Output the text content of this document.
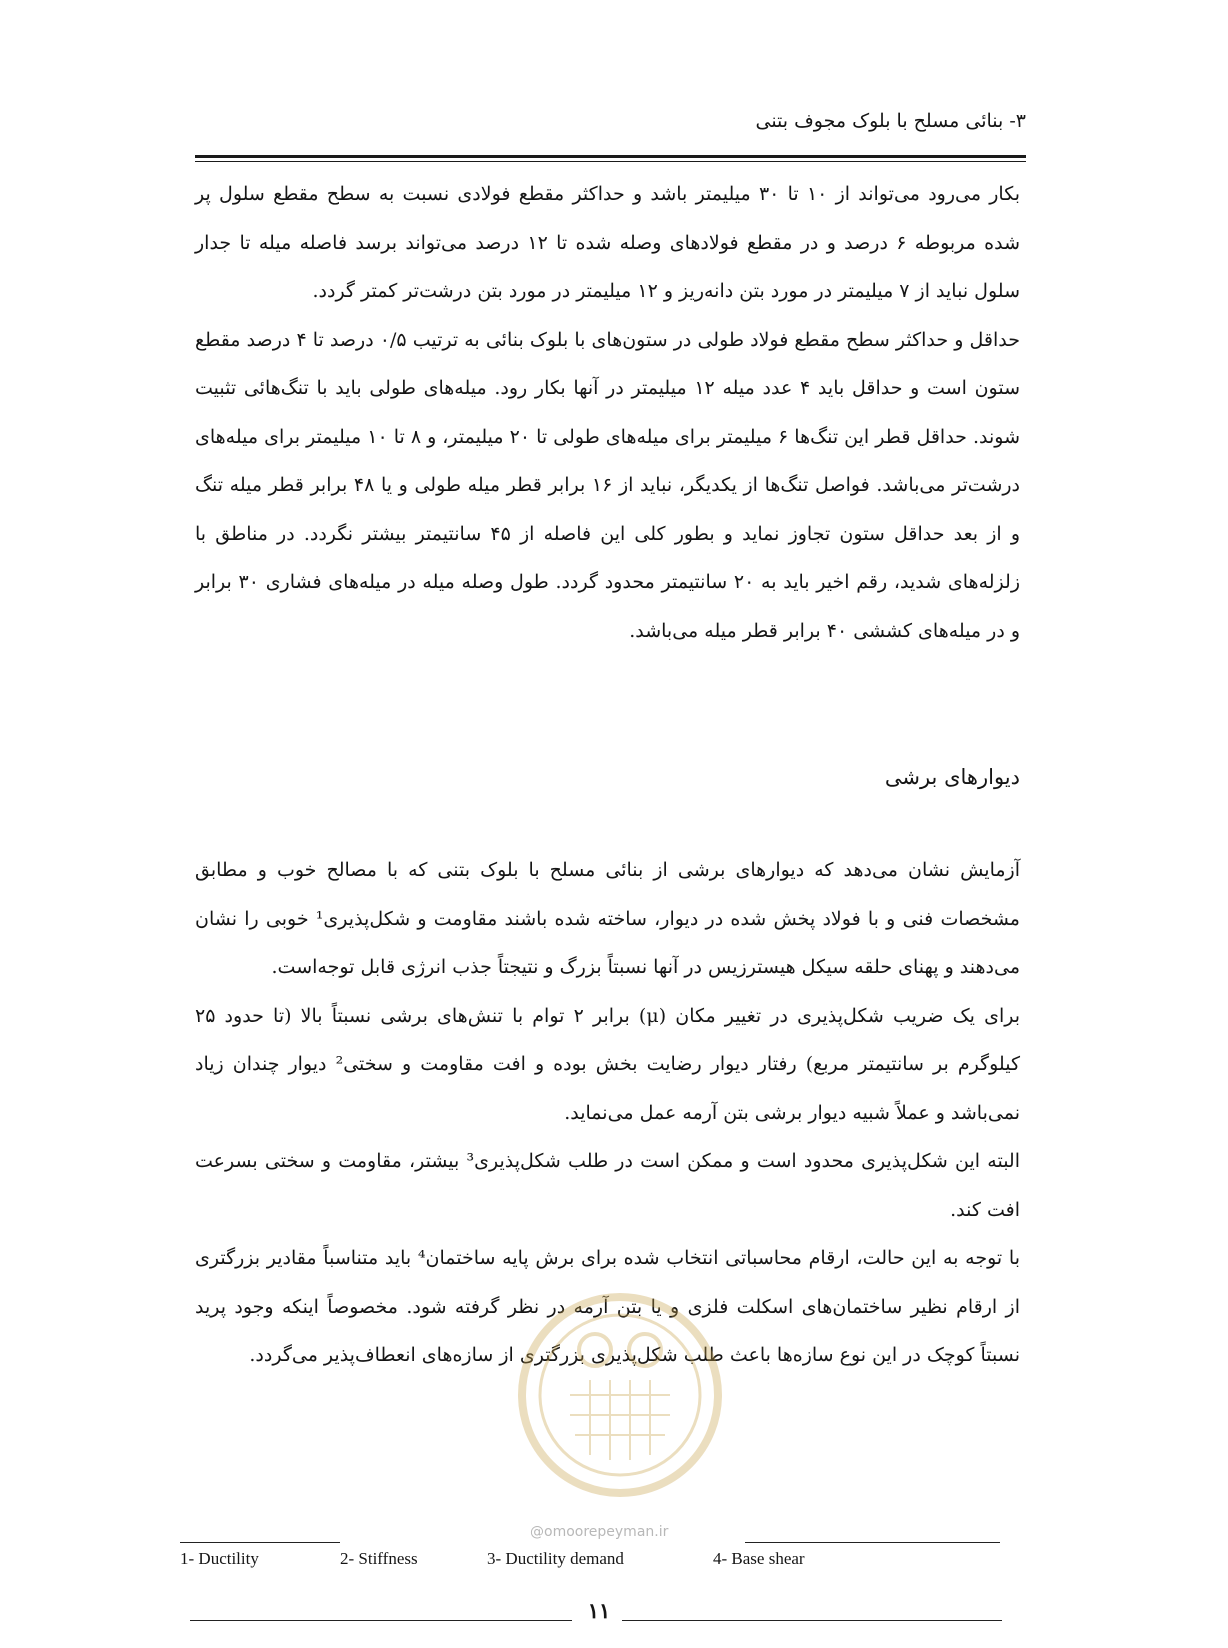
۳- بنائی مسلح با بلوک مجوف بتنی

بکار می‌رود می‌تواند از ۱۰ تا ۳۰ میلیمتر باشد و حداکثر مقطع فولادی نسبت به سطح مقطع سلول پر شده مربوطه ۶ درصد و در مقطع فولادهای وصله شده تا ۱۲ درصد می‌تواند برسد فاصله میله تا جدار سلول نباید از ۷ میلیمتر در مورد بتن دانه‌ریز و ۱۲ میلیمتر در مورد بتن درشت‌تر کمتر گردد.

حداقل و حداکثر سطح مقطع فولاد طولی در ستون‌های با بلوک بنائی به ترتیب ۰/۵ درصد تا ۴ درصد مقطع ستون است و حداقل باید ۴ عدد میله ۱۲ میلیمتر در آنها بکار رود. میله‌های طولی باید با تنگ‌هائی تثبیت شوند. حداقل قطر این تنگ‌ها ۶ میلیمتر برای میله‌های طولی تا ۲۰ میلیمتر، و ۸ تا ۱۰ میلیمتر برای میله‌های درشت‌تر می‌باشد. فواصل تنگ‌ها از یکدیگر، نباید از ۱۶ برابر قطر میله طولی و یا ۴۸ برابر قطر میله تنگ و از بعد حداقل ستون تجاوز نماید و بطور کلی این فاصله از ۴۵ سانتیمتر بیشتر نگردد. در مناطق با زلزله‌های شدید، رقم اخیر باید به ۲۰ سانتیمتر محدود گردد. طول وصله میله در میله‌های فشاری ۳۰ برابر و در میله‌های کششی ۴۰ برابر قطر میله می‌باشد.

دیوارهای برشی

آزمایش نشان می‌دهد که دیوارهای برشی از بنائی مسلح با بلوک بتنی که با مصالح خوب و مطابق مشخصات فنی و با فولاد پخش شده در دیوار، ساخته شده باشند مقاومت و شکل‌پذیری¹ خوبی را نشان می‌دهند و پهنای حلقه سیکل هیسترزیس در آنها نسبتاً بزرگ و نتیجتاً جذب انرژی قابل توجه‌است.

برای یک ضریب شکل‌پذیری در تغییر مکان (μ) برابر ۲ توام با تنش‌های برشی نسبتاً بالا (تا حدود ۲۵ کیلوگرم بر سانتیمتر مربع) رفتار دیوار رضایت بخش بوده و افت مقاومت و سختی² دیوار چندان زیاد نمی‌باشد و عملاً شبیه دیوار برشی بتن آرمه عمل می‌نماید.

البته این شکل‌پذیری محدود است و ممکن است در طلب شکل‌پذیری³ بیشتر، مقاومت و سختی بسرعت افت کند.

با توجه به این حالت، ارقام محاسباتی انتخاب شده برای برش پایه ساختمان⁴ باید متناسباً مقادیر بزرگتری از ارقام نظیر ساختمان‌های اسکلت فلزی و یا بتن آرمه در نظر گرفته شود. مخصوصاً اینکه وجود پرید نسبتاً کوچک در این نوع سازه‌ها باعث طلب شکل‌پذیری بزرگتری از سازه‌های انعطاف‌پذیر می‌گردد.

@omoorepeyman.ir
1- Ductility	2- Stiffness	3- Ductility demand	4- Base shear
۱۱
